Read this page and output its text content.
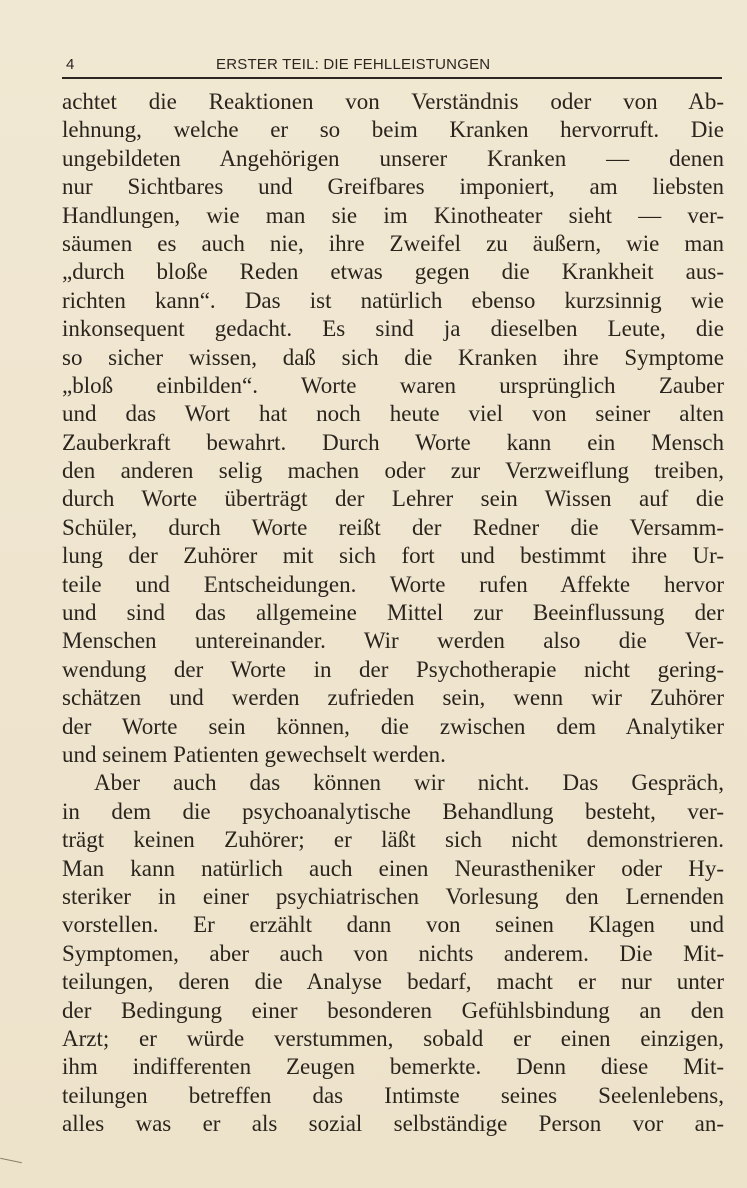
4	ERSTER TEIL: DIE FEHLLEISTUNGEN
achtet die Reaktionen von Verständnis oder von Ab-
lehnung, welche er so beim Kranken hervorruft. Die
ungebildeten Angehörigen unserer Kranken — denen
nur Sichtbares und Greifbares imponiert, am liebsten
Handlungen, wie man sie im Kinotheater sieht — ver-
säumen es auch nie, ihre Zweifel zu äußern, wie man
„durch bloße Reden etwas gegen die Krankheit aus-
richten kann“. Das ist natürlich ebenso kurzsinnig wie
inkonsequent gedacht. Es sind ja dieselben Leute, die
so sicher wissen, daß sich die Kranken ihre Symptome
„bloß einbilden“. Worte waren ursprünglich Zauber
und das Wort hat noch heute viel von seiner alten
Zauberkraft bewahrt. Durch Worte kann ein Mensch
den anderen selig machen oder zur Verzweiflung treiben,
durch Worte überträgt der Lehrer sein Wissen auf die
Schüler, durch Worte reißt der Redner die Versamm-
lung der Zuhörer mit sich fort und bestimmt ihre Ur-
teile und Entscheidungen. Worte rufen Affekte hervor
und sind das allgemeine Mittel zur Beeinflussung der
Menschen untereinander. Wir werden also die Ver-
wendung der Worte in der Psychotherapie nicht gering-
schätzen und werden zufrieden sein, wenn wir Zuhörer
der Worte sein können, die zwischen dem Analytiker
und seinem Patienten gewechselt werden.
Aber auch das können wir nicht. Das Gespräch,
in dem die psychoanalytische Behandlung besteht, ver-
trägt keinen Zuhörer; er läßt sich nicht demonstrieren.
Man kann natürlich auch einen Neurastheniker oder Hy-
steriker in einer psychiatrischen Vorlesung den Lernenden
vorstellen. Er erzählt dann von seinen Klagen und
Symptomen, aber auch von nichts anderem. Die Mit-
teilungen, deren die Analyse bedarf, macht er nur unter
der Bedingung einer besonderen Gefühlsbindung an den
Arzt; er würde verstummen, sobald er einen einzigen,
ihm indifferenten Zeugen bemerkte. Denn diese Mit-
teilungen betreffen das Intimste seines Seelenlebens,
alles was er als sozial selbständige Person vor an-
